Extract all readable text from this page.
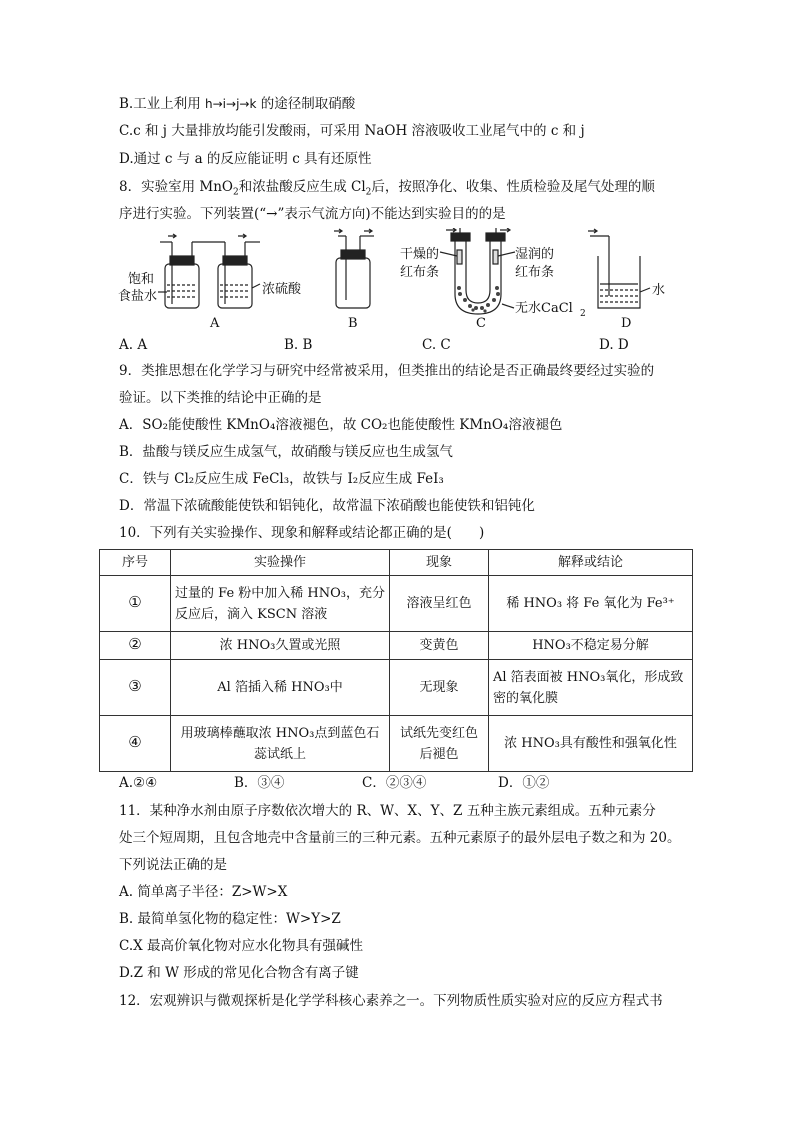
B.工业上利用 h→i→j→k 的途径制取硝酸
C.c 和 j 大量排放均能引发酸雨，可采用 NaOH 溶液吸收工业尾气中的 c 和 j
D.通过 c 与 a 的反应能证明 c 具有还原性
8．实验室用 MnO$_2$和浓盐酸反应生成 $Cl_2$后，按照净化、收集、性质检验及尾气处理的顺
序进行实验。下列装置(“→”表示气流方向)不能达到实验目的的是
饱和
食盐水	浓硫酸
干燥的
红布条
湿润的
红布条
无水CaCl 2
水
A	B	C	D
A. A	B. B	C. C	D. D
9．类推思想在化学学习与研究中经常被采用，但类推出的结论是否正确最终要经过实验的
验证。以下类推的结论中正确的是
A．SO₂能使酸性 KMnO₄溶液褪色，故 CO₂也能使酸性 KMnO₄溶液褪色
B．盐酸与镁反应生成氢气，故硝酸与镁反应也生成氢气
C．铁与 Cl₂反应生成 FeCl₃，故铁与 I₂反应生成 FeI₃
D．常温下浓硫酸能使铁和铝钝化，故常温下浓硝酸也能使铁和铝钝化
10．下列有关实验操作、现象和解释或结论都正确的是(　　)
序号	实验操作	现象	解释或结论
①	过量的 Fe 粉中加入稀 HNO₃，充分反应后，滴入 KSCN 溶液	溶液呈红色	稀 HNO₃ 将 Fe 氧化为 Fe³⁺
②	浓 HNO₃久置或光照	变黄色	HNO₃不稳定易分解
③	Al 箔插入稀 HNO₃中	无现象	Al 箔表面被 HNO₃氧化，形成致密的氧化膜
④	用玻璃棒蘸取浓 HNO₃点到蓝色石蕊试纸上	试纸先变红色后褪色	浓 HNO₃具有酸性和强氧化性
A.②④	B．③④	C．②③④	D．①②
11．某种净水剂由原子序数依次增大的 R、W、X、Y、Z 五种主族元素组成。五种元素分
处三个短周期，且包含地壳中含量前三的三种元素。五种元素原子的最外层电子数之和为 20。
下列说法正确的是
A. 简单离子半径：Z>W>X
B. 最简单氢化物的稳定性：W>Y>Z
C.X 最高价氧化物对应水化物具有强碱性
D.Z 和 W 形成的常见化合物含有离子键
12．宏观辨识与微观探析是化学学科核心素养之一。下列物质性质实验对应的反应方程式书
